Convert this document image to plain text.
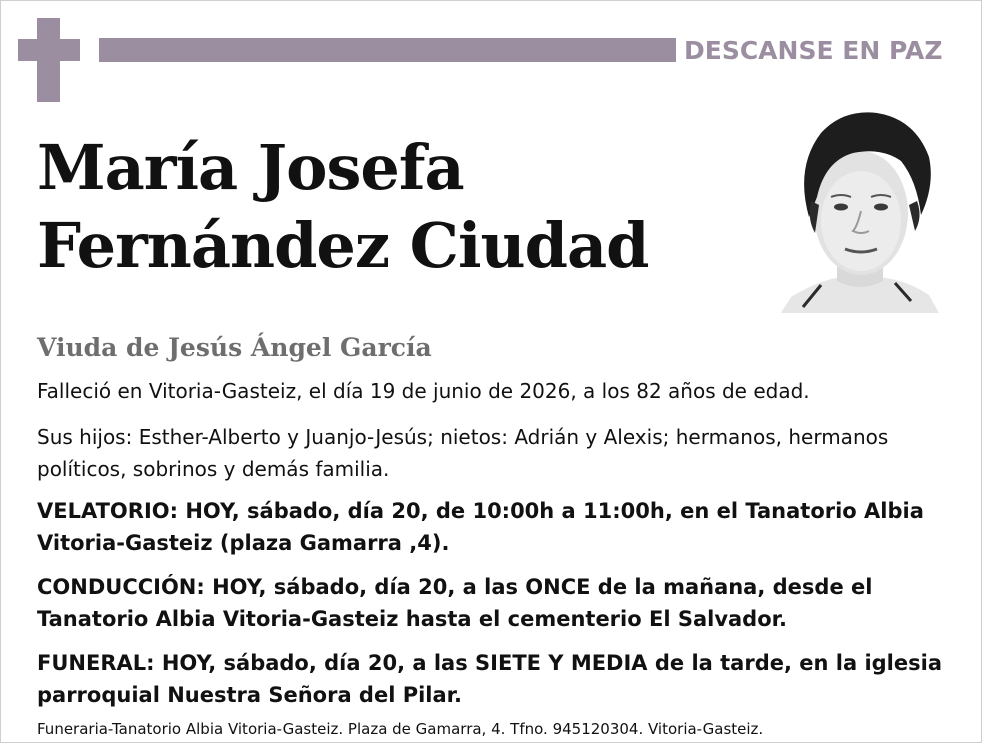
DESCANSE EN PAZ
María Josefa
Fernández Ciudad
Viuda de Jesús Ángel García
Falleció en Vitoria-Gasteiz, el día 19 de junio de 2026, a los 82 años de edad.
Sus hijos: Esther-Alberto y Juanjo-Jesús; nietos: Adrián y Alexis; hermanos, hermanos políticos, sobrinos y demás familia.
VELATORIO: HOY, sábado, día 20, de 10:00h a 11:00h, en el Tanatorio Albia Vitoria-Gasteiz (plaza Gamarra ,4).
CONDUCCIÓN: HOY, sábado, día 20, a las ONCE de la mañana, desde el Tanatorio Albia Vitoria-Gasteiz hasta el cementerio El Salvador.
FUNERAL: HOY, sábado, día 20, a las SIETE Y MEDIA de la tarde, en la iglesia parroquial Nuestra Señora del Pilar.
Funeraria-Tanatorio Albia Vitoria-Gasteiz. Plaza de Gamarra, 4. Tfno. 945120304. Vitoria-Gasteiz.
